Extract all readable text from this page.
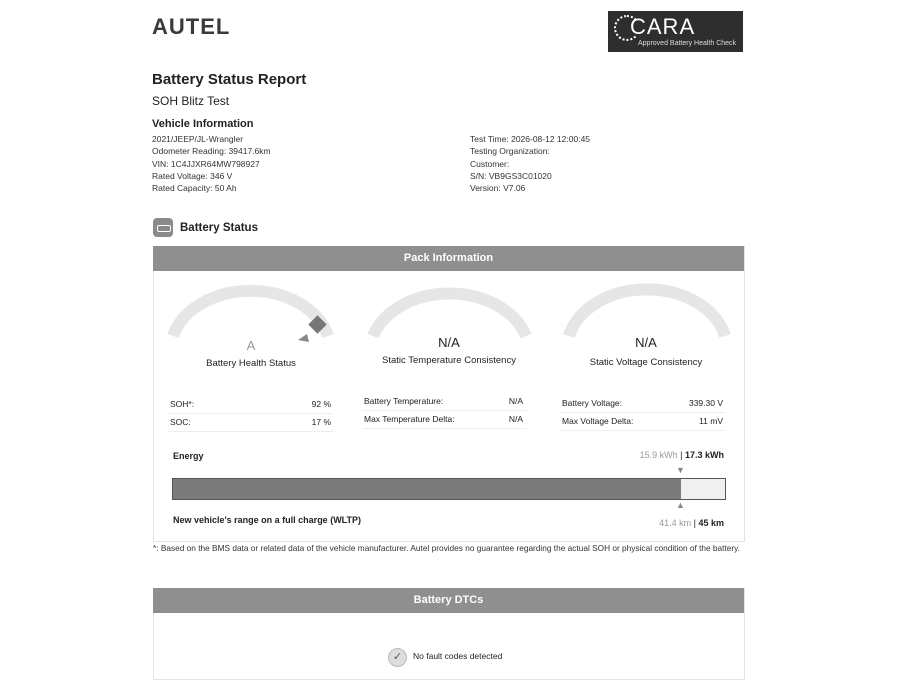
AUTEL	CARA
Approved Battery Health Check
Battery Status Report
SOH Blitz Test
Vehicle Information
2021/JEEP/JL-Wrangler
Odometer Reading: 39417.6km
VIN: 1C4JJXR64MW798927
Rated Voltage: 346 V
Rated Capacity: 50 Ah
Test Time: 2026-08-12 12:00:45
Testing Organization:
Customer:
S/N: VB9GS3C01020
Version: V7.06
Battery Status
Pack Information
A	N/A	N/A
Battery Health Status	Static Temperature Consistency	Static Voltage Consistency
SOH*:	92 %
SOC:	17 %
Battery Temperature:	N/A
Max Temperature Delta:	N/A
Battery Voltage:	339.30 V
Max Voltage Delta:	11 mV
Energy	15.9 kWh | 17.3 kWh
▼
▲
New vehicle's range on a full charge (WLTP)	41.4 km | 45 km
*: Based on the BMS data or related data of the vehicle manufacturer. Autel provides no guarantee regarding the actual SOH or physical condition of the battery.
Battery DTCs
✓	No fault codes detected
